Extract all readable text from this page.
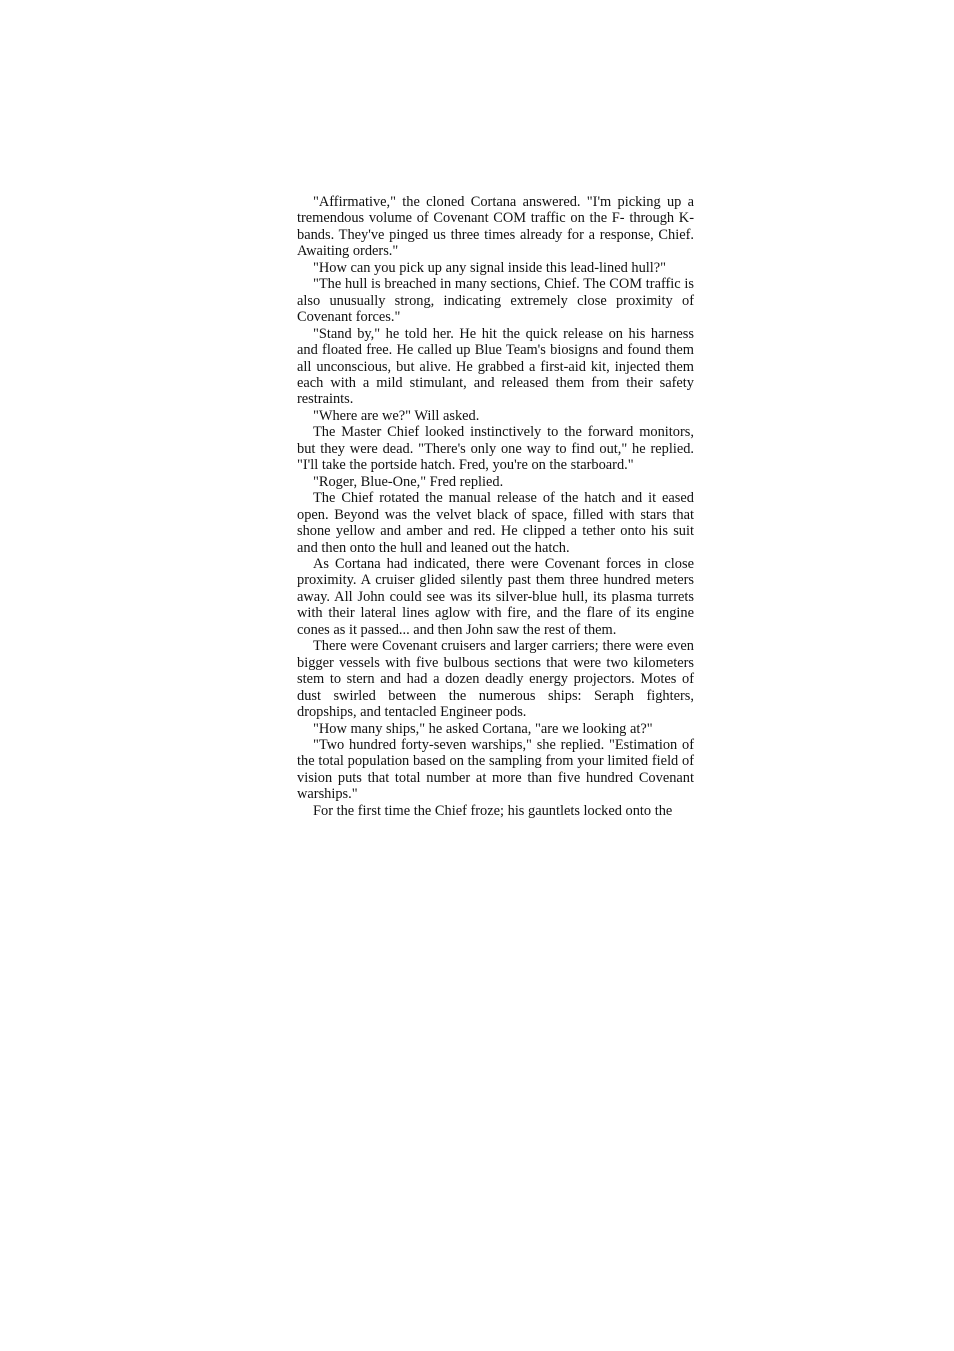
"Affirmative," the cloned Cortana answered. "I'm picking up a tremendous volume of Covenant COM traffic on the F- through K-bands. They've pinged us three times already for a response, Chief. Awaiting orders."

"How can you pick up any signal inside this lead-lined hull?"

"The hull is breached in many sections, Chief. The COM traffic is also unusually strong, indicating extremely close proximity of Covenant forces."

"Stand by," he told her. He hit the quick release on his harness and floated free. He called up Blue Team's biosigns and found them all unconscious, but alive. He grabbed a first-aid kit, injected them each with a mild stimulant, and released them from their safety restraints.

"Where are we?" Will asked.

The Master Chief looked instinctively to the forward monitors, but they were dead. "There's only one way to find out," he replied. "I'll take the portside hatch. Fred, you're on the starboard."

"Roger, Blue-One," Fred replied.

The Chief rotated the manual release of the hatch and it eased open. Beyond was the velvet black of space, filled with stars that shone yellow and amber and red. He clipped a tether onto his suit and then onto the hull and leaned out the hatch.

As Cortana had indicated, there were Covenant forces in close proximity. A cruiser glided silently past them three hundred meters away. All John could see was its silver-blue hull, its plasma turrets with their lateral lines aglow with fire, and the flare of its engine cones as it passed... and then John saw the rest of them.

There were Covenant cruisers and larger carriers; there were even bigger vessels with five bulbous sections that were two kilometers stem to stern and had a dozen deadly energy projectors. Motes of dust swirled between the numerous ships: Seraph fighters, dropships, and tentacled Engineer pods.

"How many ships," he asked Cortana, "are we looking at?"

"Two hundred forty-seven warships," she replied. "Estimation of the total population based on the sampling from your limited field of vision puts that total number at more than five hundred Covenant warships."

For the first time the Chief froze; his gauntlets locked onto the
